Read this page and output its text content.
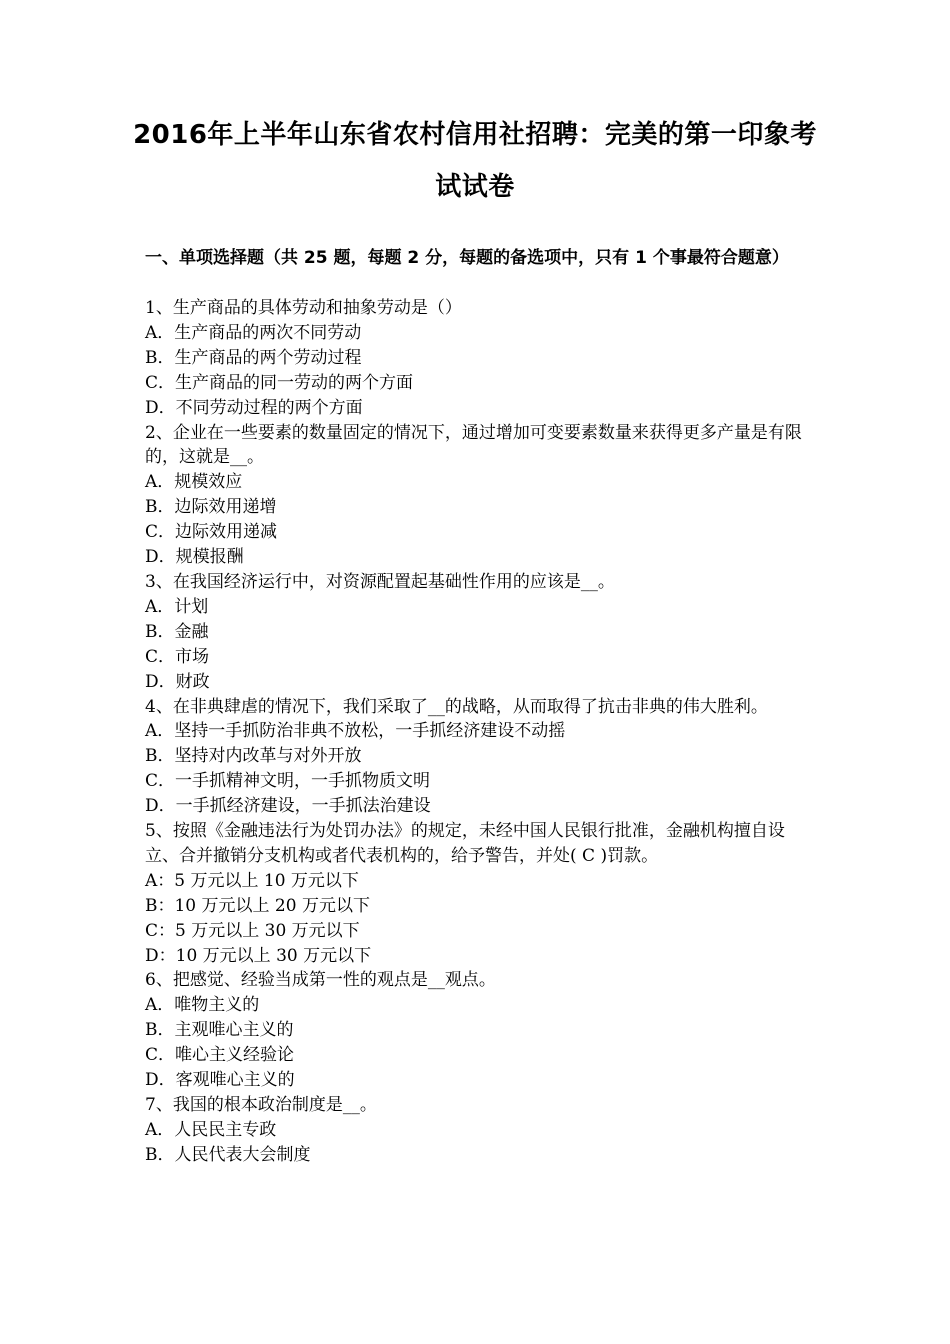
2016年上半年山东省农村信用社招聘：完美的第一印象考
试试卷
一、单项选择题（共 25 题，每题 2 分，每题的备选项中，只有 1 个事最符合题意）

1、生产商品的具体劳动和抽象劳动是（）

A．生产商品的两次不同劳动

B．生产商品的两个劳动过程

C．生产商品的同一劳动的两个方面

D．不同劳动过程的两个方面

2、企业在一些要素的数量固定的情况下，通过增加可变要素数量来获得更多产量是有限的，这就是__。

A．规模效应

B．边际效用递增

C．边际效用递减

D．规模报酬

3、在我国经济运行中，对资源配置起基础性作用的应该是__。

A．计划

B．金融

C．市场

D．财政

4、在非典肆虐的情况下，我们采取了__的战略，从而取得了抗击非典的伟大胜利。

A．坚持一手抓防治非典不放松，一手抓经济建设不动摇

B．坚持对内改革与对外开放

C．一手抓精神文明，一手抓物质文明

D．一手抓经济建设，一手抓法治建设

5、按照《金融违法行为处罚办法》的规定，未经中国人民银行批准，金融机构擅自设立、合并撤销分支机构或者代表机构的，给予警告，并处( C )罚款。

A：5 万元以上 10 万元以下

B：10 万元以上 20 万元以下

C：5 万元以上 30 万元以下

D：10 万元以上 30 万元以下

6、把感觉、经验当成第一性的观点是__观点。

A．唯物主义的

B．主观唯心主义的

C．唯心主义经验论

D．客观唯心主义的

7、我国的根本政治制度是__。

A．人民民主专政

B．人民代表大会制度
